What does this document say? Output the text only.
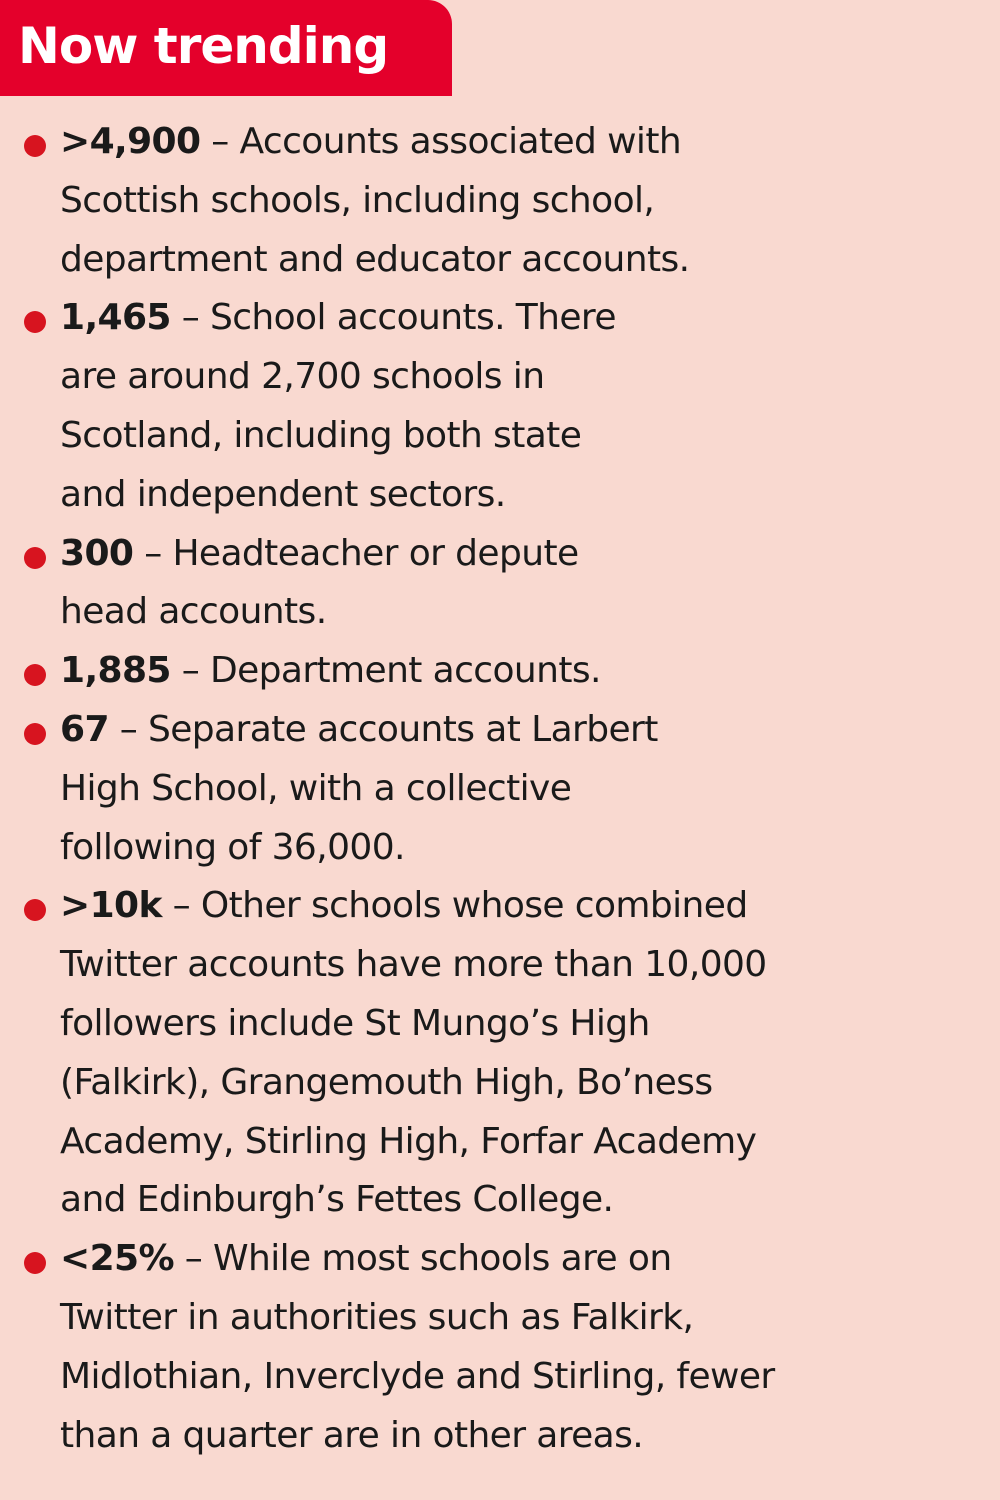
Now trending
>4,900 – Accounts associated with
Scottish schools, including school,
department and educator accounts.
1,465 – School accounts. There
are around 2,700 schools in
Scotland, including both state
and independent sectors.
300 – Headteacher or depute
head accounts.
1,885 – Department accounts.
67 – Separate accounts at Larbert
High School, with a collective
following of 36,000.
>10k – Other schools whose combined
Twitter accounts have more than 10,000
followers include St Mungo’s High
(Falkirk), Grangemouth High, Bo’ness
Academy, Stirling High, Forfar Academy
and Edinburgh’s Fettes College.
<25% – While most schools are on
Twitter in authorities such as Falkirk,
Midlothian, Inverclyde and Stirling, fewer
than a quarter are in other areas.
